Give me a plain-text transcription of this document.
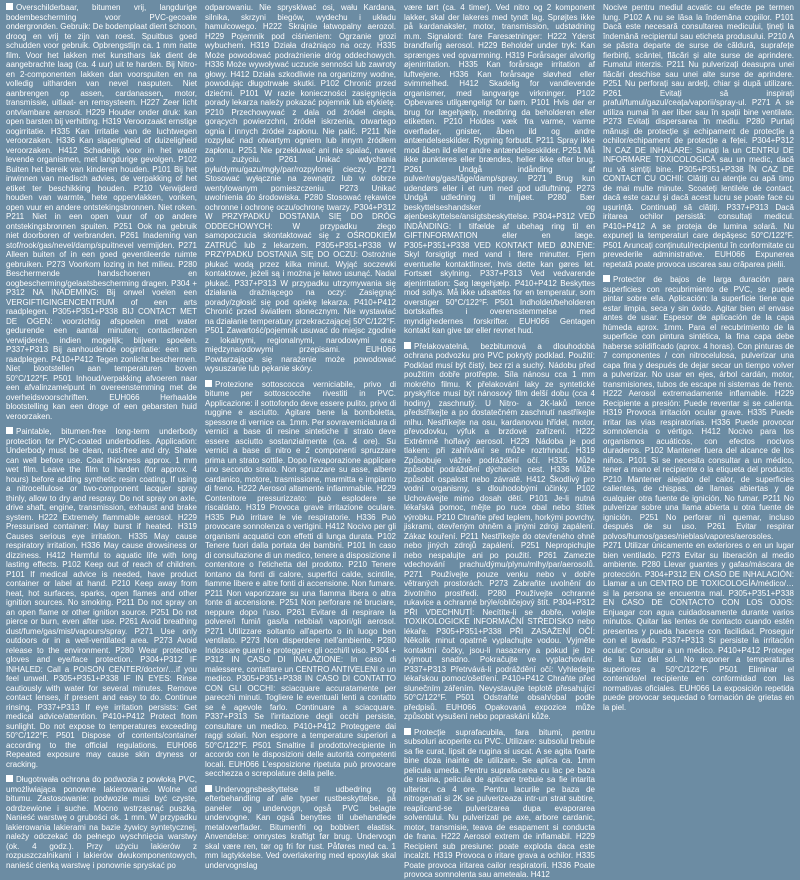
Overschilderbaar, bitumen vrij, langdurige bodembescherming voor PVC-gecoate ondergronden. Gebruik: De bodemplaat dient schoon, droog en vrij te zijn van roest. Spuitbus goed schudden voor gebruik. Opbrengstlijn ca. 1 mm natte film. Voor het lakken met kunsthars lak dient de aangebrachte laag (ca. 4 uur) uit te harden. Bij Nitro- en 2-componenten lakken dan voorspuiten en na volledig uitharden van nevel nasputen. Niet aanbrengen op assen, cardanassen, motor, transmissie, uitlaat- en remsysteem. H227 Zeer licht ontvlambare aerosol. H229 Houder onder druk: kan open barsten bij verhitting. H319 Veroorzaakt ernstige oogirritatie. H335 Kan irritatie van de luchtwegen veroorzaken. H336 Kan slaperigheid of duizeligheid veroorzaken. H412 Schadelijk voor in het water levende organismen, met langdurige gevolgen. P102 Buiten het bereik van kinderen houden. P101 Bij het inwinnen van medisch advies, de verpakking of het etiket ter beschikking houden. P210 Verwijderd houden van warmte, hete oppervlakken, vonken, open vuur en andere ontstekingsbronnen. Niet roken. P211 Niet in een open vuur of op andere ontstekingsbronnen spuiten. P251 Ook na gebruik niet doorboren of verbranden. P261 Inademing van stof/rook/gas/nevel/damp/spuitnevel vermijden. P271 Alleen buiten of in een goed geventileerde ruimte gebruiken. P273 Voorkom lozing in het milieu. P280 Beschermende handschoenen en oogbescherming/gelaatsbescherming dragen. P304 + P312 NA INADEMING: Bij onwel voelen een VERGIFTIGINGENCENTRUM of een arts raadplegen. P305+P351+P338 BIJ CONTACT MET DE OGEN: voorzichtig afspoelen met water gedurende een aantal minuten; contactlenzen verwijderen, indien mogelijk; blijven spoelen. P337+P313 Bij aanhoudende oogirritatie: een arts raadplegen. P410+P412 Tegen zonlicht beschermen. Niet blootstellen aan temperaturen boven 50°C/122°F. P501 Inhoud/verpakking afvoeren naar een afvalinzamelpunt in overeenstemming met de overheidsvoorschriften. EUH066 Herhaalde blootstelling kan een droge of een gebarsten huid veroorzaken.

Paintable, bitumen-free long-term underbody protection for PVC-coated underbodies. Application: Underbody must be clean, rust-free and dry. Shake can well before use. Coat thickness approx. 1 mm wet film. Leave the film to harden (for approx. 4 hours) before adding synthetic resin coating. If using a nitrocellulose or two-component lacquer spray thinly, allow to dry and respray. Do not spray on axle, drive shaft, engine, transmission, exhaust and brake system. H222 Extremely flammable aerosol. H229 Pressurised container: May burst if heated. H319 Causes serious eye irritation. H335 May cause respiratory irritation. H336 May cause drowsiness or dizziness. H412 Harmful to aquatic life with long lasting effects. P102 Keep out of reach of children. P101 If medical advice is needed, have product container or label at hand. P210 Keep away from heat, hot surfaces, sparks, open flames and other ignition sources. No smoking. P211 Do not spray on an open flame or other ignition source. P251 Do not pierce or burn, even after use. P261 Avoid breathing dust/fume/gas/mist/vapours/spray. P271 Use only outdoors or in a well-ventilated area. P273 Avoid release to the environment. P280 Wear protective gloves and eye/face protection. P304+P312 IF INHALED: Call a POISON CENTER/doctor/…if you feel unwell. P305+P351+P338 IF IN EYES: Rinse cautiously with water for several minutes. Remove contact lenses, if present and easy to do. Continue rinsing. P337+P313 If eye irritation persists: Get medical advice/attention. P410+P412 Protect from sunlight. Do not expose to temperatures exceeding 50°C/122°F. P501 Dispose of contents/container according to the official regulations. EUH066 Repeated exposure may cause skin dryness or cracking.

Długotrwała ochrona do podwozia z powłoką PVC, umożliwiająca ponowne lakierowanie. Wolne od bitumu. Zastosowanie: podwozie musi być czyste, odrdzewione i suche. Mocno wstrząsnąć puszką. Nanieść warstwę o grubości ok. 1 mm. W przypadku lakierowania lakierami na bazie żywicy syntetycznej, należy odczekać do pełnego wyschnięcia warstwy (ok. 4 godz.). Przy użyciu lakierów z rozpuszczalnikami i lakierów dwukomponentowych, nanieść cienką warstwę i ponownie spryskać po

odparowaniu. Nie spryskiwać osi, wału Kardana, silnika, skrzyni biegów, wydechu i układu hamulcowego. H222 Skrajnie łatwopalny aerozol. H229 Pojemnik pod ciśnieniem: Ogrzanie grozi wybuchem. H319 Działa drażniąco na oczy. H335 Może powodować podrażnienie dróg oddechowych. H336 Może wywoływać uczucie senności lub zawroty głowy. H412 Działa szkodliwie na organizmy wodne, powodując długotrwałe skutki. P102 Chronić przed dziećmi. P101 W razie konieczności zasięgnięcia porady lekarza należy pokazać pojemnik lub etykietę. P210 Przechowywać z dala od źródeł ciepła, gorących powierzchni, źródeł iskrzenia, otwartego ognia i innych źródeł zapłonu. Nie palić. P211 Nie rozpylać nad otwartym ogniem lub innym źródłem zapłonu. P251 Nie przekłuwać ani nie spalać, nawet po zużyciu. P261 Unikać wdychania pyłu/dymu/gazu/mgły/par/rozpylonej cieczy. P271 Stosować wyłącznie na zewnątrz lub w dobrze wentylowanym pomieszczeniu. P273 Unikać uwolnienia do środowiska. P280 Stosować rękawice ochronne i ochronę oczu/ochronę twarzy. P304+P312 W PRZYPADKU DOSTANIA SIĘ DO DRÓG ODDECHOWYCH: W przypadku złego samopoczucia skontaktować się z OŚRODKIEM ZATRUĆ lub z lekarzem. P305+P351+P338 W PRZYPADKU DOSTANIA SIĘ DO OCZU: Ostrożnie płukać wodą przez kilka minut. Wyjąć soczewki kontaktowe, jeżeli są i można je łatwo usunąć. Nadal płukać. P337+P313 W przypadku utrzymywania się działania drażniącego na oczy: Zasięgnąć porady/zgłosić się pod opiekę lekarza. P410+P412 Chronić przed światłem słonecznym. Nie wystawiać na działanie temperatury przekraczającej 50°C/122°F. P501 Zawartość/pojemnik usuwać do miejsc zgodnie z lokalnymi, regionalnymi, narodowymi oraz międzynarodowymi przepisami. EUH066 Powtarzające się narażenie może powodować wysuszanie lub pękanie skóry.

Protezione sottoscocca verniciabile, privo di bitume per sottoscocche rivestiti in PVC. Applicazione: il sottofondo deve essere pulito, privo di ruggine e asciutto. Agitare bene la bomboletta, spessore di vernice ca. 1mm. Per sovraverniciatura di vernici a base di resine sintetiche il strato deve essere asciutto sostanzialmente (ca. 4 ore). Su vernici a base di nitro e 2 componenti spruzzare prima un strato sottile. Dopo l'evaporazione applicare uno secondo strato. Non spruzzare su asse, albero cardanico, motore, trasmissione, marmitta e impianto di freno. H222 Aerosol altamente infiammabile. H229 Contenitore pressurizzato: può esplodere se riscaldato. H319 Provoca grave irritazione oculare. H335 Può irritare le vie respiratorie. H336 Può provocare sonnolenza o vertigini. H412 Nocivo per gli organismi acquatici con effetti di lunga durata. P102 Tenere fuori dalla portata dei bambini. P101 In caso di consultazione di un medico, tenere a disposizione il contenitore o l'etichetta del prodotto. P210 Tenere lontano da fonti di calore, superfici calde, scintille, fiamme libere e altre fonti di accensione. Non fumare. P211 Non vaporizzare su una fiamma libera o altra fonte di accensione. P251 Non perforare né bruciare, neppure dopo l'uso. P261 Evitare di respirare la polvere/i fumi/i gas/la nebbia/i vapori/gli aerosol. P271 Utilizzare soltanto all'aperto o in luogo ben ventilato. P273 Non disperdere nell'ambiente. P280 Indossare guanti e proteggere gli occhi/il viso. P304 + P312 IN CASO DI INALAZIONE: In caso di malessere, contattare un CENTRO ANTIVELENI o un medico. P305+P351+P338 IN CASO DI CONTATTO CON GLI OCCHI: sciacquare accuratamente per parecchi minuti. Togliere le eventuali lenti a contatto se è agevole farlo. Continuare a sciacquare. P337+P313 Se l'irritazione degli occhi persiste, consultare un medico. P410+P412 Proteggere dai raggi solari. Non esporre a temperature superiori a 50°C/122°F. P501 Smaltire il prodotto/recipiente in accordo con le disposizioni delle autorità competenti locali. EUH066 L'esposizione ripetuta può provocare secchezza o screpolature della pelle.

Undervognsbeskyttelse til udbedring og efterbehandling af alle typer rustbeskyttelse, på paneler og undervogn, også PVC belagte undervogne. Kan også benyttes til ubehandlede metaloverflader. Bitumenfri og bobbiert elastisk. Anvendelse: omrystes kraftigt før brug. Undervogn skal være ren, tør og fri for rust. Påføres med ca. 1 mm lagtykkelse. Ved overlakering med epoxylak skal undervognslag

være tørt (ca. 4 timer). Ved nitro og 2 komponent lakker, skal der lakeres med tyndt lag. Sprøjtes ikke på kardanaksler, motor, transmission, udstødning m.m. Signalord: fare Faresætninger: H222 Yderst brandfarlig aerosol. H229 Beholder under tryk: Kan sprænges ved opvarmning. H319 Forårsager alvorlig øjenirritation. H335 Kan forårsage irritation af luftvejene. H336 Kan forårsage sløvhed eller svimmelhed. H412 Skadelig for vandlevende organismer, med langvarige virkninger. P102 Opbevares utilgængeligt for børn. P101 Hvis der er brug for lægehjælp, medbring da beholderen eller etiketten. P210 Holdes væk fra varme, varme overflader, gnister, åben ild og andre antændelseskilder. Rygning forbudt. P211 Spray ikke mod åben ild eller andre antændelseskilder. P251 Må ikke punkteres eller brændes, heller ikke efter brug. P261 Undgå indånding af pulver/røg/gas/tåge/damp/spray. P271 Brug kun udendørs eller i et rum med god udluftning. P273 Undgå udledning til miljøet. P280 Bær beskyttelseshandsker og øjenbeskyttelse/ansigtsbeskyttelse. P304+P312 VED INDÅNDING: I tilfælde af ubehag ring til en GIFTINFORMATION eller en læge. P305+P351+P338 VED KONTAKT MED ØJNENE: Skyl forsigtigt med vand i flere minutter. Fjern eventuelle kontaktlinser, hvis dette kan gøres let. Fortsæt skylning. P337+P313 Ved vedvarende øjenirritation: Søg lægehjælp. P410+P412 Beskyttes mod sollys. Må ikke udsættes for en temperatur, som overstiger 50°C/122°F. P501 Indholdet/beholderen bortskaffes i overensstemmelse med myndighedernes forskrifter. EUH066 Gentagen kontakt kan give tør eller revnet hud.

Přelakovatelná, bezbitumová a dlouhodobá ochrana podvozku pro PVC pokrytý podklad. Použití: Podklad musí být čistý, bez rzi a suchý. Nádobu před použitím dobře protřepte. Síla nánosu cca 1 mm mokrého filmu. K přelakování laky ze syntetické pryskyřice musí být nánosový film delší dobu (cca 4 hodiny) zaschnutý. U Nitro- a 2K-laků tence předstříkejte a po dostatečném zaschnutí nastříkejte mlhu. Nestříkejte na osu, kardanovou hřídel, motor, převodovku, výfuk a brzdové zařízení. H222 Extrémně hořlavý aerosol. H229 Nádoba je pod tlakem: při zahřívání se může roztrhnout. H319 Způsobuje vážné podráždění očí. H335 Může způsobit podráždění dýchacích cest. H336 Může způsobit ospalost nebo závratě. H412 Škodlivý pro vodní organismy, s dlouhodobými účinky. P102 Uchovávejte mimo dosah dětí. P101 Je-li nutná lékařská pomoc, mějte po ruce obal nebo štítek výrobku. P210 Chraňte před teplem, horkými povrchy, jiskrami, otevřeným ohněm a jinými zdroji zapálení. Zákaz kouření. P211 Nestříkejte do otevřeného ohně nebo jiných zdrojů zapálení. P251 Nepropichujte nebo nespalujte ani po použití. P261 Zamezte vdechování prachu/dýmu/plynu/mlhy/par/aerosolů. P271 Používejte pouze venku nebo v dobře větraných prostorách. P273 Zabraňte uvolnění do životního prostředí. P280 Používejte ochranné rukavice a ochranné brýle/obličejový štít. P304+P312 PŘI VDECHNUTÍ: Necítíte-li se dobře, volejte TOXIKOLOGICKÉ INFORMAČNÍ STŘEDISKO nebo lékaře. P305+P351+P338 PŘI ZASAŽENÍ OČÍ: Několik minut opatrně vyplachujte vodou. Vyjměte kontaktní čočky, jsou-li nasazeny a pokud je lze vyjmout snadno. Pokračujte ve vyplachování. P337+P313 Přetrvává-li podráždění očí: Vyhledejte lékařskou pomoc/ošetření. P410+P412 Chraňte před slunečním zářením. Nevystavujte teplotě přesahující 50°C/122°F. P501 Odstraňte obsah/obal podle předpisů. EUH066 Opakovaná expozice může způsobit vysušení nebo popraskání kůže.

Protecție suprafacubila, fara bitumi, pentru subsoluri acoperite cu PVC. Utilizare: subsolul trebuie sa fie curat, lipsit de rugina si uscat. A se agita foarte bine doza inainte de utilizare. Se aplica ca. 1mm pelicula umeda. Pentru suprafacarea cu lac pe baza de rasina, pelicula de aplicare trebuie sa fie intarita ulterior, ca 4 ore. Pentru lacurile pe baza de nitrogenati si 2K se pulverizeaza intr-un strat subtire, reaplicand-se pulverizarea dupa evaporarea solventului. Nu pulverizati pe axe, arbore cardanic, motor, transmisie, teava de esapament si conducta de frana. H222 Aerosol extrem de inflamabil. H229 Recipient sub presiune: poate exploda daca este incalzit. H319 Provoca o iritare grava a ochilor. H335 Poate provoca iritarea cailor respiratorii. H336 Poate provoca somnolenta sau ameteala. H412

Nocive pentru mediul acvatic cu efecte pe termen lung. P102 A nu se lăsa la îndemâna copiilor. P101 Dacă este necesară consultarea medicului, țineți la îndemână recipientul sau eticheta produsului. P210 A se păstra departe de surse de căldură, suprafețe fierbinți, scântei, flăcări și alte surse de aprindere. Fumatul interzis. P211 Nu pulverizați deasupra unei flăcări deschise sau unei alte surse de aprindere. P251 Nu perforați sau ardeți, chiar și după utilizare. P261 Evitați să inspirați praful/fumul/gazul/ceața/vaporii/spray-ul. P271 A se utiliza numai în aer liber sau în spații bine ventilate. P273 Evitați dispersarea în mediu. P280 Purtați mănuși de protecție și echipament de protecție a ochilor/echipament de protecție a feței. P304+P312 ÎN CAZ DE INHALARE: Sunați la un CENTRU DE INFORMARE TOXICOLOGICĂ sau un medic, dacă nu vă simțiți bine. P305+P351+P338 ÎN CAZ DE CONTACT CU OCHII: Clătiți cu atenție cu apă timp de mai multe minute. Scoateți lentilele de contact, dacă este cazul și dacă acest lucru se poate face cu ușurință. Continuați să clătiți. P337+P313 Dacă iritarea ochilor persistă: consultați medicul. P410+P412 A se proteja de lumina solară. Nu expuneți la temperaturi care depășesc 50°C/122°F. P501 Aruncați conținutul/recipientul în conformitate cu prevederile administrative. EUH066 Expunerea repetată poate provoca uscarea sau crăparea pielii.

Protector de bajos de larga duración para superficies con recubrimiento de PVC, se puede pintar sobre ella. Aplicación: la superficie tiene que estar limpia, seca y sin óxido. Agitar bien el envase antes de usar. Espesor de aplicación de la capa húmeda aprox. 1mm. Para el recubrimiento de la superficie con pintura sintética, la fina capa debe haberse solidificado (aprox. 4 horas). Con pinturas de 7 componentes / con nitrocelulosa, pulverizar una capa fina y después de dejar secar un tiempo volver a pulverizar. No usar en ejes, árbol cardán, motor, transmisiones, tubos de escape ni sistemas de freno. H222 Aerosol extremadamente inflamable. H229 Recipiente a presión: Puede reventar si se calienta. H319 Provoca irritación ocular grave. H335 Puede irritar las vías respiratorias. H336 Puede provocar somnolencia o vértigo. H412 Nocivo para los organismos acuáticos, con efectos nocivos duraderos. P102 Mantener fuera del alcance de los niños. P101 Si se necesita consultar a un médico, tener a mano el recipiente o la etiqueta del producto. P210 Mantener alejado del calor, de superficies calientes, de chispas, de llamas abiertas y de cualquier otra fuente de ignición. No fumar. P211 No pulverizar sobre una llama abierta u otra fuente de ignición. P251 No perforar ni quemar, incluso después de su uso. P261 Evitar respirar polvos/humos/gases/nieblas/vapores/aerosoles. P271 Utilizar únicamente en exteriores o en un lugar bien ventilado. P273 Evitar su liberación al medio ambiente. P280 Llevar guantes y gafas/máscara de protección. P304+P312 EN CASO DE INHALACIÓN: Llamar a un CENTRO DE TOXICOLOGÍA/médico/…si la persona se encuentra mal. P305+P351+P338 EN CASO DE CONTACTO CON LOS OJOS: Enjuagar con agua cuidadosamente durante varios minutos. Quitar las lentes de contacto cuando estén presentes y pueda hacerse con facilidad. Proseguir con el lavado. P337+P313 Si persiste la irritación ocular: Consultar a un médico. P410+P412 Proteger de la luz del sol. No exponer a temperaturas superiores a 50°C/122°F. P501 Eliminar el contenido/el recipiente en conformidad con las normativas oficiales. EUH066 La exposición repetida puede provocar sequedad o formación de grietas en la piel.
